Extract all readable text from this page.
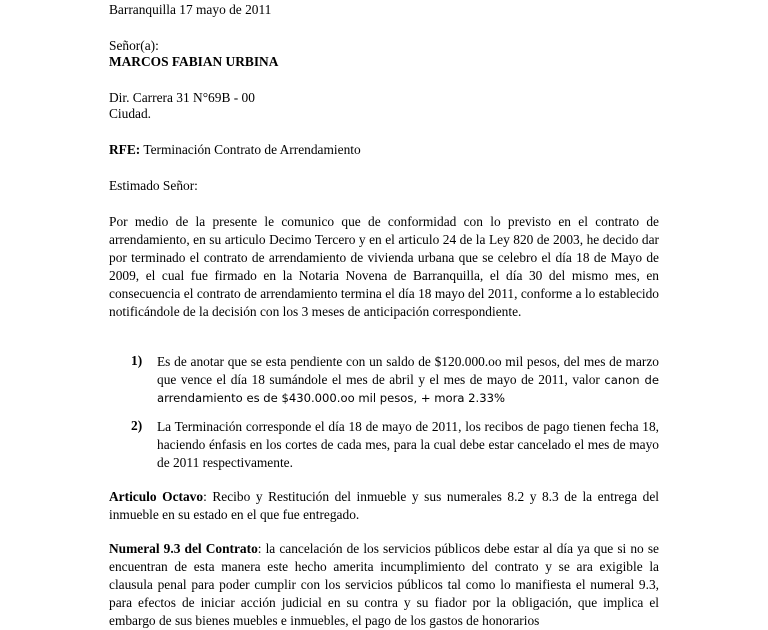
Barranquilla 17 mayo de 2011
Señor(a):
MARCOS FABIAN URBINA
Dir. Carrera 31 N°69B - 00
Ciudad.
RFE: Terminación Contrato de Arrendamiento
Estimado Señor:
Por medio de la presente le comunico que de conformidad con lo previsto en el contrato de arrendamiento, en su articulo Decimo Tercero y en el articulo 24 de la Ley 820 de 2003, he decido dar por terminado el contrato de arrendamiento de vivienda urbana que se celebro el día 18 de Mayo de 2009, el cual fue firmado en la Notaria Novena de Barranquilla, el día 30 del mismo mes, en consecuencia el contrato de arrendamiento termina el día 18 mayo del 2011, conforme a lo establecido notificándole de la decisión con los 3 meses de anticipación correspondiente.
1) Es de anotar que se esta pendiente con un saldo de $120.000.oo mil pesos, del mes de marzo que vence el día 18 sumándole el mes de abril y el mes de mayo de 2011, valor canon de arrendamiento es de $430.000.oo mil pesos, + mora 2.33%
2) La Terminación corresponde el día 18 de mayo de 2011, los recibos de pago tienen fecha 18, haciendo énfasis en los cortes de cada mes, para la cual debe estar cancelado el mes de mayo de 2011 respectivamente.
Articulo Octavo: Recibo y Restitución del inmueble y sus numerales 8.2 y 8.3 de la entrega del inmueble en su estado en el que fue entregado.
Numeral 9.3 del Contrato: la cancelación de los servicios públicos debe estar al día ya que si no se encuentran de esta manera este hecho amerita incumplimiento del contrato y se ara exigible la clausula penal para poder cumplir con los servicios públicos tal como lo manifiesta el numeral 9.3, para efectos de iniciar acción judicial en su contra y su fiador por la obligación, que implica el embargo de sus bienes muebles e inmuebles, el pago de los gastos de honorarios
